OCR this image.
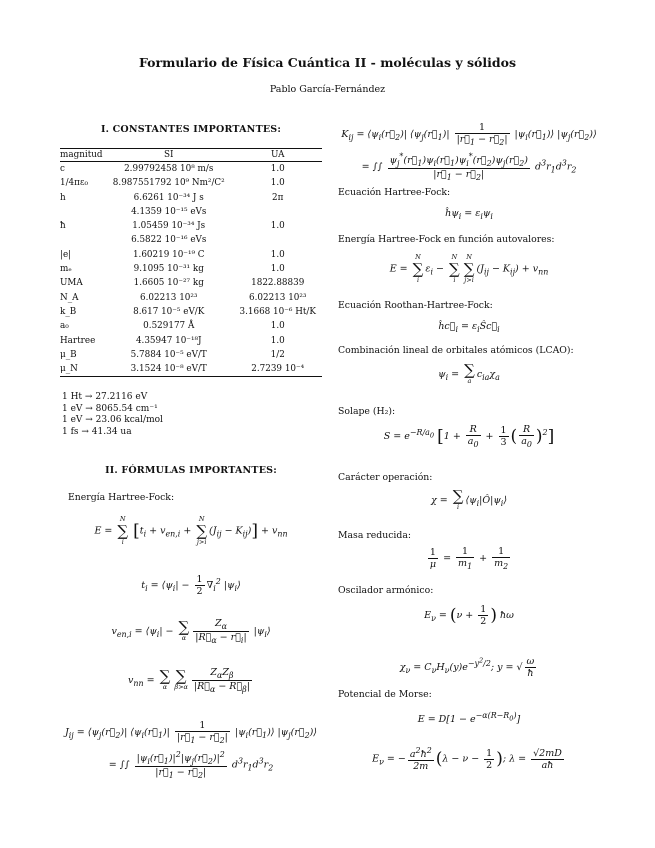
Formulario de Física Cuántica II - moléculas y sólidos
Pablo García-Fernández
I. CONSTANTES IMPORTANTES:
magnitud	SI	UA
c	2.99792458 10⁸ m/s	1.0
1/4πε₀	8.987551792 10⁹ Nm²/C²	1.0
h	6.6261 10⁻³⁴ J s	2π
	4.1359 10⁻¹⁵ eVs	
ħ	1.05459 10⁻³⁴ Js	1.0
	6.5822 10⁻¹⁶ eVs	
|e|	1.60219 10⁻¹⁹ C	1.0
mₑ	9.1095 10⁻³¹ kg	1.0
UMA	1.6605 10⁻²⁷ kg	1822.88839
N_A	6.02213 10²³	6.02213 10²³
k_B	8.617 10⁻⁵ eV/K	3.1668 10⁻⁶ Ht/K
a₀	0.529177 Å	1.0
Hartree	4.35947 10⁻¹⁸J	1.0
μ_B	5.7884 10⁻⁵ eV/T	1/2
μ_N	3.1524 10⁻⁸ eV/T	2.7239 10⁻⁴
1 Ht → 27.2116 eV
1 eV → 8065.54 cm⁻¹
1 eV → 23.06 kcal/mol
1 fs → 41.34 ua
II. FÓRMULAS IMPORTANTES:
Energía Hartree-Fock:
E =
N
∑
i
[$t_i + v_{en,i}$ +
N
∑
j>i
$(J_{ij} - K_{ij})] + v_{nn}$
$t_i$ = $⟨\psi_i| - \frac{1}{2} \nabla_i^2$ $|\psi_i⟩$
$v_{en,i}$ = $⟨\psi_i|$ − ∑
α $\frac{Z_\alpha}{|R⃗_\alpha - r⃗_i|}$ $|\psi_i⟩$
$v_{nn}$ = ∑
α
∑
$\beta>\alpha \frac{Z_\alpha Z_\beta}{|R⃗_\alpha - R⃗_\beta|}$
$J_{ij}$ = $⟨\psi_j(r⃗_2)|$ $⟨\psi_i(r⃗_1)| \frac{1}{|r⃗_1 - r⃗_2|}$ $|\psi_i(r⃗_1)⟩$ $|\psi_j(r⃗_2)⟩$
= ∫∫ $\frac{|\psi_i(r⃗_1)|^2|\psi_j(r⃗_2)|^2}{|r⃗_1 - r⃗_2|} d^3r_1d^3r_2$
$K_{ij}$ = $⟨\psi_i(r⃗_2)|$ $⟨\psi_j(r⃗_1)| \frac{1}{|r⃗_1 - r⃗_2|}$ $|\psi_i(r⃗_1)⟩$ $|\psi_j(r⃗_2)⟩$
= ∫∫ $\frac{\psi_j^*(r⃗_1)\psi_i(r⃗_1)\psi_i^*(r⃗_2)\psi_j(r⃗_2)}{|r⃗_1 - r⃗_2|} d^3r_1d^3r_2$
Ecuación Hartree-Fock:
$ĥ\psi_i = \varepsilon_i\psi_i$
Energía Hartree-Fock en función autovalores:
E =
N
∑
i
$\varepsilon_i$ −
N
∑
i
N
∑
j>i
$(J_{ij} - K_{ij}) + v_{nn}$
Ecuación Roothan-Hartree-Fock:
$ĥc⃗_i$ = $\varepsilon_iŜc⃗_i$
Combinación lineal de orbitales atómicos (LCAO):
$\psi_i$ = ∑
a
$c_{ia}\chi_a$
Solape (H₂):
$S = e^{-R/a_0}$ [$1 + \frac{R}{a_0} + \frac{1}{3}$ ( $\frac{R}{a_0} )^2$]
Carácter operación:
χ = ∑
i
$⟨\psi_i|Ô|\psi_i⟩$
Masa reducida:
$\frac{1}{\mu} = \frac{1}{m_1} + \frac{1}{m_2}$
Oscilador armónico:
$E_\nu = (\nu + \frac{1}{2}$ ) ħω
$\chi_\nu = C_\nu H_\nu(y)e^{-y^2/2}$; y = √ $\frac{\omega}{ħ}$
Potencial de Morse:
$E = D[1 - e^{-\alpha(R-R_0)}]$
$E_\nu$ = − $\frac{a^2ħ^2}{2m} (\lambda - \nu - \frac{1}{2}$ ); $\lambda = \frac{√2mD}{aħ}$
